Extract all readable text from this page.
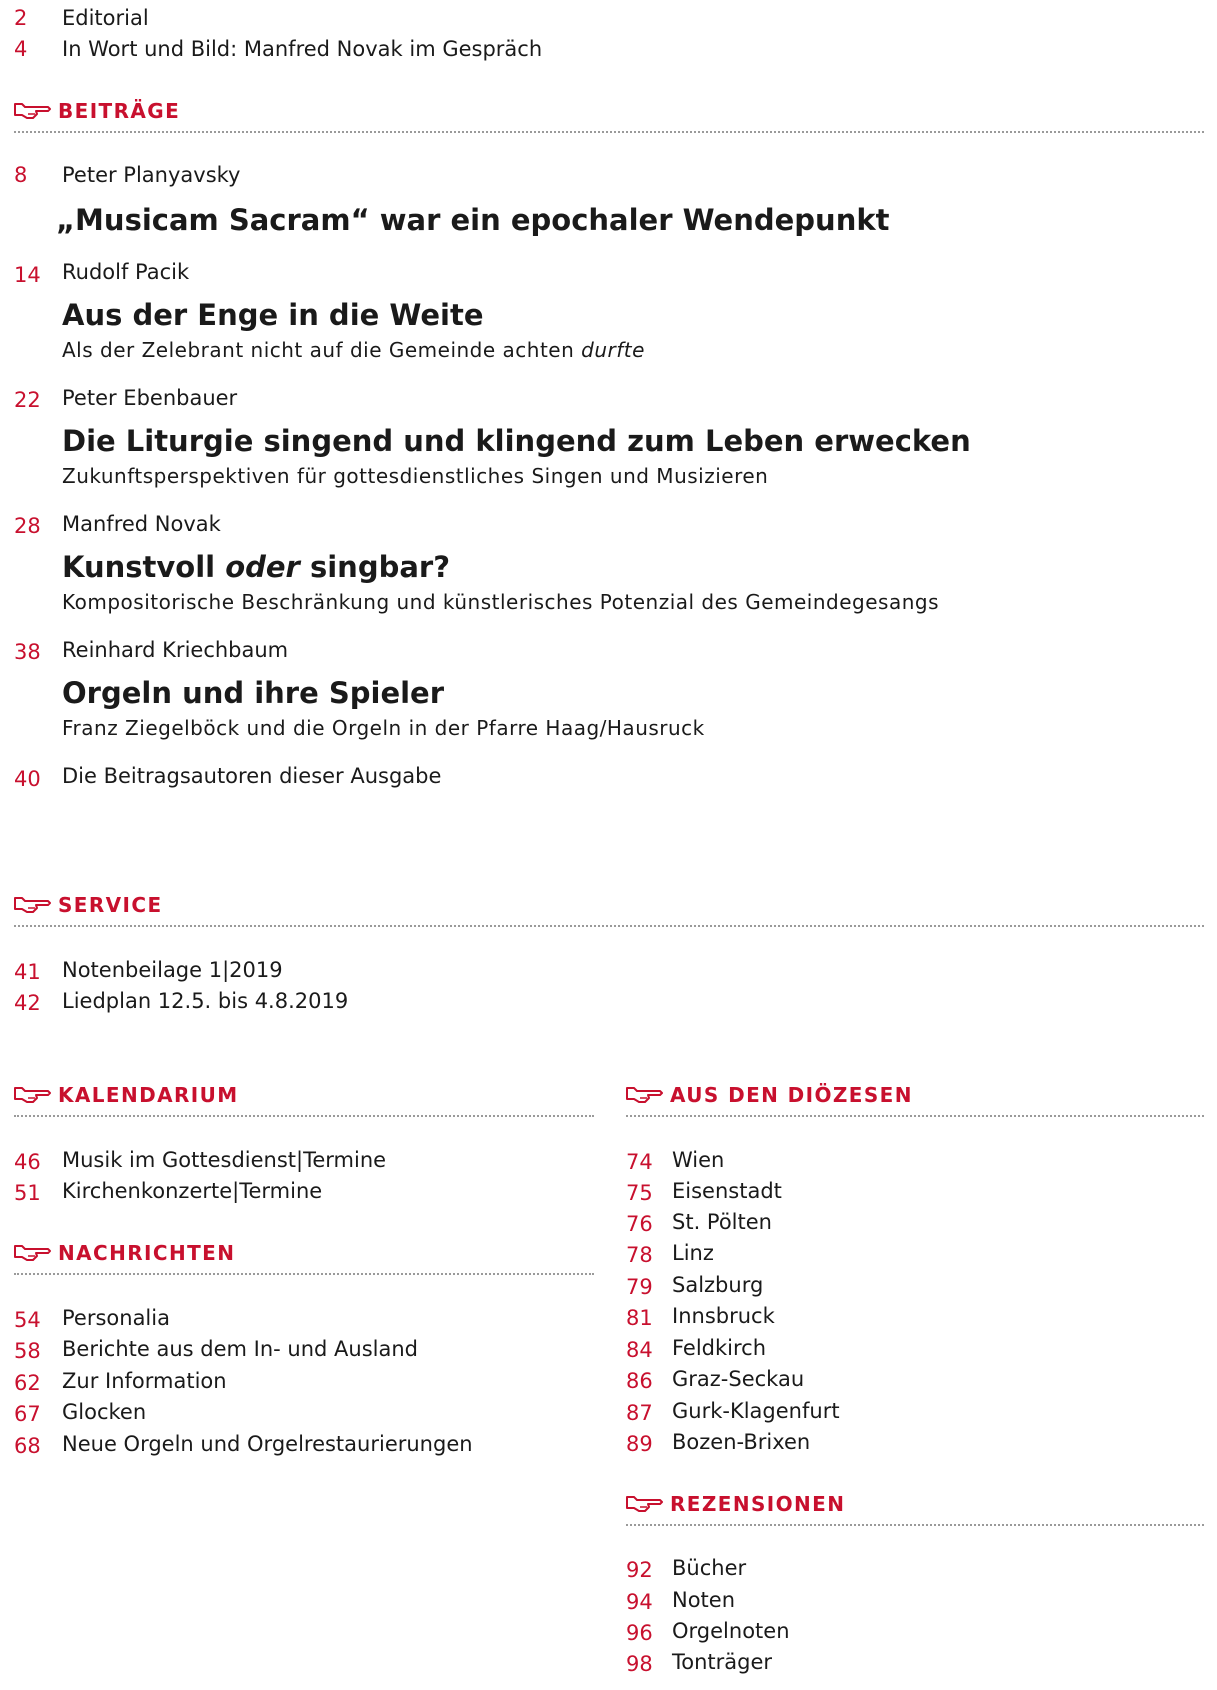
2 Editorial
4 In Wort und Bild: Manfred Novak im Gespräch
BEITRÄGE
8 Peter Planyavsky
„Musicam Sacram“ war ein epochaler Wendepunkt
14 Rudolf Pacik
Aus der Enge in die Weite
Als der Zelebrant nicht auf die Gemeinde achten durfte
22 Peter Ebenbauer
Die Liturgie singend und klingend zum Leben erwecken
Zukunftsperspektiven für gottesdienstliches Singen und Musizieren
28 Manfred Novak
Kunstvoll oder singbar?
Kompositorische Beschränkung und künstlerisches Potenzial des Gemeindegesangs
38 Reinhard Kriechbaum
Orgeln und ihre Spieler
Franz Ziegelböck und die Orgeln in der Pfarre Haag/Hausruck
40 Die Beitragsautoren dieser Ausgabe
SERVICE
41 Notenbeilage 1|2019
42 Liedplan 12.5. bis 4.8.2019
KALENDARIUM
46 Musik im Gottesdienst|Termine
51 Kirchenkonzerte|Termine
NACHRICHTEN
54 Personalia
58 Berichte aus dem In- und Ausland
62 Zur Information
67 Glocken
68 Neue Orgeln und Orgelrestaurierungen
AUS DEN DIÖZESEN
74 Wien
75 Eisenstadt
76 St. Pölten
78 Linz
79 Salzburg
81 Innsbruck
84 Feldkirch
86 Graz-Seckau
87 Gurk-Klagenfurt
89 Bozen-Brixen
REZENSIONEN
92 Bücher
94 Noten
96 Orgelnoten
98 Tonträger
